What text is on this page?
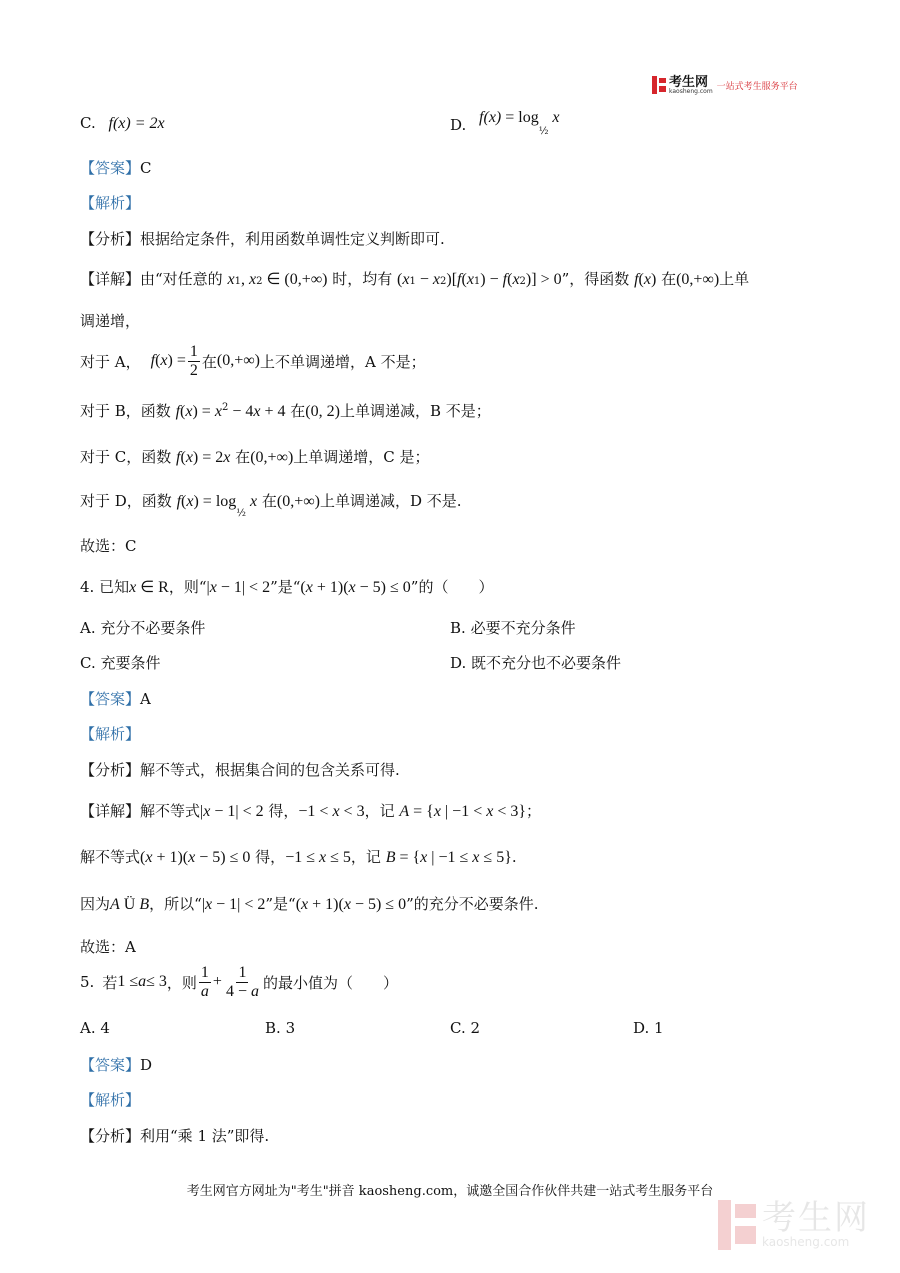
考生网
kaosheng.com 一站式考生服务平台
C. f(x) = 2x	D. $f(x) = \log_{\frac{1}{2}} x$
【答案】C
【解析】
【分析】根据给定条件，利用函数单调性定义判断即可.
【详解】由“对任意的 x1, x2 ∈ (0,+∞) 时，均有 (x1 − x2)[f(x1) − f(x2)] > 0”，得函数 f(x) 在(0,+∞)上单
调递增，
对于 A， f ( x ) = $\frac{1}{2}$ 在 (0,+∞) 上不单调递增，A 不是；
对于 B，函数 $f(x) = x^2 - 4x + 4$ 在(0, 2)上单调递减，B 不是；
对于 C，函数 f(x) = 2x 在(0,+∞)上单调递增，C 是；
对于 D，函数 $f(x) = \log_{\frac{1}{2}} x$ 在(0,+∞)上单调递减，D 不是.
故选：C
4. 已知x ∈ R，则“|x − 1| < 2”是“(x + 1)(x − 5) ≤ 0”的（　　）
A. 充分不必要条件	B. 必要不充分条件
C. 充要条件	D. 既不充分也不必要条件
【答案】A
【解析】
【分析】解不等式，根据集合间的包含关系可得.
【详解】解不等式|x − 1| < 2 得，−1 < x < 3，记 A = {x | −1 < x < 3}；
解不等式(x + 1)(x − 5) ≤ 0 得，−1 ≤ x ≤ 5，记 B = {x | −1 ≤ x ≤ 5}.
因为A Ü B，所以“|x − 1| < 2”是“(x + 1)(x − 5) ≤ 0”的充分不必要条件.
故选：A
5. 若 1 ≤ a ≤ 3 ，则 $\frac{1}{a} + \frac{1}{4 - a}$ 的最小值为（　　）
A. 4	B. 3	C. 2	D. 1
【答案】D
【解析】
【分析】利用“乘 1 法”即得.
考生网官方网址为"考生"拼音 kaosheng.com，诚邀全国合作伙伴共建一站式考生服务平台
考生网
kaosheng.com
